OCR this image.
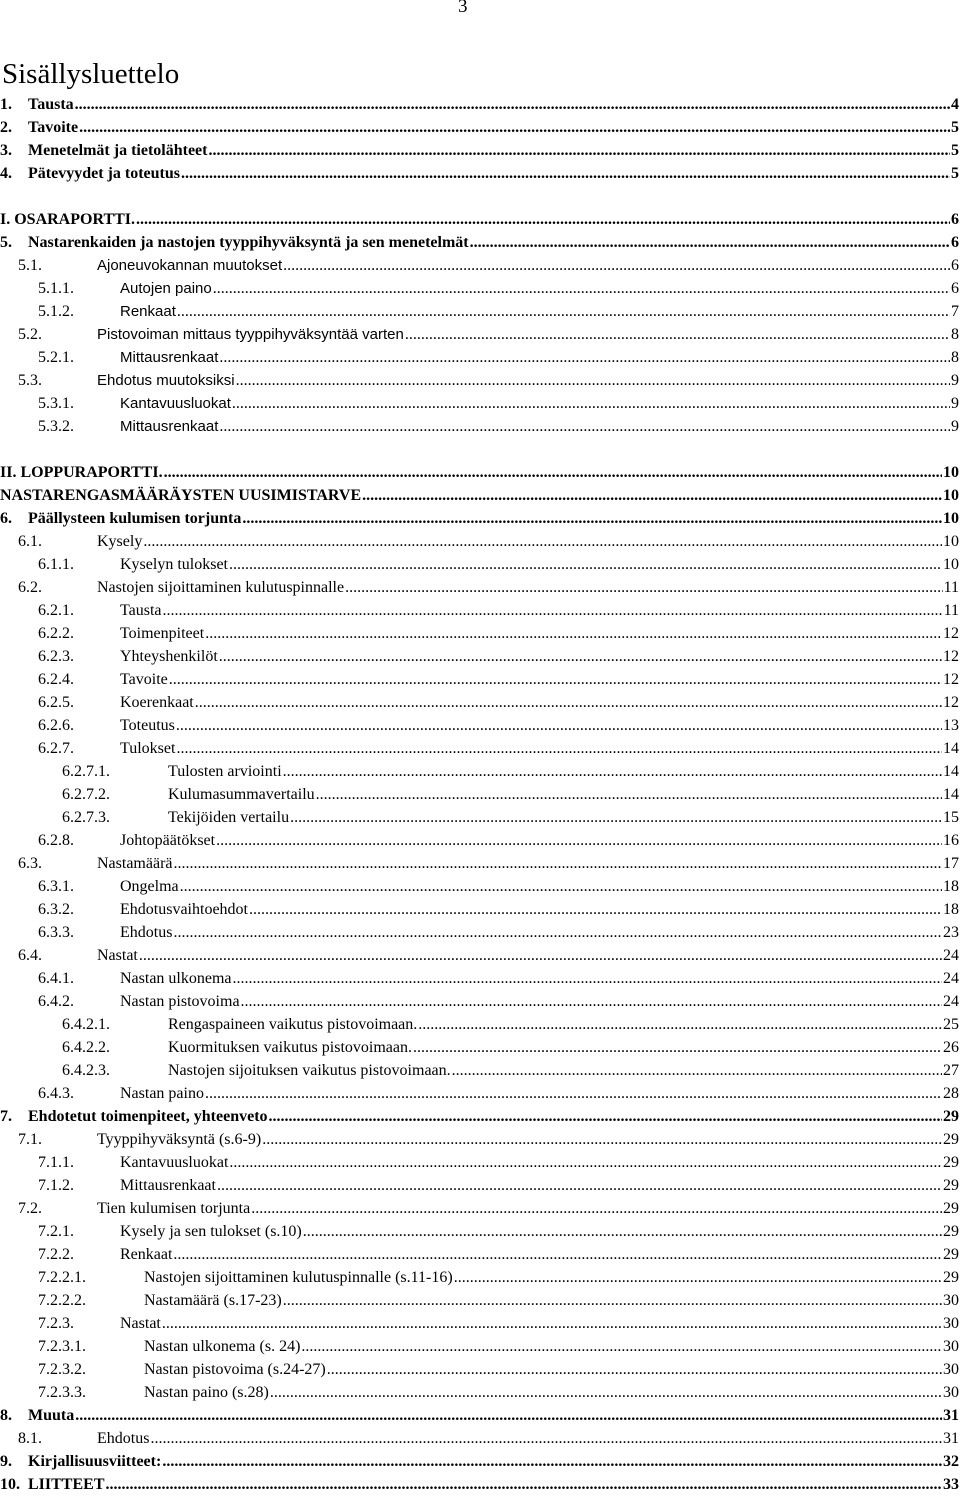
3
Sisällysluettelo
1.	Tausta .....	4
2.	Tavoite .....	5
3.	Menetelmät ja tietolähteet .....	5
4.	Pätevyydet ja toteutus .....	5
I. OSARAPORTTI. .....	6
5.	Nastarenkaiden ja nastojen tyyppihyväksyntä ja sen menetelmät .....	6
5.1.	Ajoneuvokannan muutokset .....	6
5.1.1.	Autojen paino .....	6
5.1.2.	Renkaat .....	7
5.2.	Pistovoiman mittaus tyyppihyväksyntää varten .....	8
5.2.1.	Mittausrenkaat .....	8
5.3.	Ehdotus muutoksiksi .....	9
5.3.1.	Kantavuusluokat .....	9
5.3.2.	Mittausrenkaat .....	9
II. LOPPURAPORTTI. .....	10
NASTARENGASMÄÄRÄYSTEN UUSIMISTARVE .....	10
6.	Päällysteen kulumisen torjunta .....	10
6.1.	Kysely .....	10
6.1.1.	Kyselyn tulokset .....	10
6.2.	Nastojen sijoittaminen kulutuspinnalle .....	11
6.2.1.	Tausta .....	11
6.2.2.	Toimenpiteet .....	12
6.2.3.	Yhteyshenkilöt .....	12
6.2.4.	Tavoite .....	12
6.2.5.	Koerenkaat .....	12
6.2.6.	Toteutus .....	13
6.2.7.	Tulokset .....	14
6.2.7.1.	Tulosten arviointi .....	14
6.2.7.2.	Kulumasummavertailu .....	14
6.2.7.3.	Tekijöiden vertailu .....	15
6.2.8.	Johtopäätökset .....	16
6.3.	Nastamäärä .....	17
6.3.1.	Ongelma .....	18
6.3.2.	Ehdotusvaihtoehdot .....	18
6.3.3.	Ehdotus .....	23
6.4.	Nastat .....	24
6.4.1.	Nastan ulkonema .....	24
6.4.2.	Nastan pistovoima .....	24
6.4.2.1.	Rengaspaineen vaikutus pistovoimaan. .....	25
6.4.2.2.	Kuormituksen vaikutus pistovoimaan. .....	26
6.4.2.3.	Nastojen sijoituksen vaikutus pistovoimaan. .....	27
6.4.3.	Nastan paino .....	28
7.	Ehdotetut toimenpiteet, yhteenveto .....	29
7.1.	Tyyppihyväksyntä (s.6-9) .....	29
7.1.1.	Kantavuusluokat .....	29
7.1.2.	Mittausrenkaat .....	29
7.2.	Tien kulumisen torjunta .....	29
7.2.1.	Kysely ja sen tulokset (s.10) .....	29
7.2.2.	Renkaat .....	29
7.2.2.1.	Nastojen sijoittaminen kulutuspinnalle (s.11-16) .....	29
7.2.2.2.	Nastamäärä (s.17-23) .....	30
7.2.3.	Nastat .....	30
7.2.3.1.	Nastan ulkonema (s. 24) .....	30
7.2.3.2.	Nastan pistovoima (s.24-27) .....	30
7.2.3.3.	Nastan paino (s.28) .....	30
8.	Muuta .....	31
8.1.	Ehdotus .....	31
9.	Kirjallisuusviitteet: .....	32
10. LIITTEET .....	33
